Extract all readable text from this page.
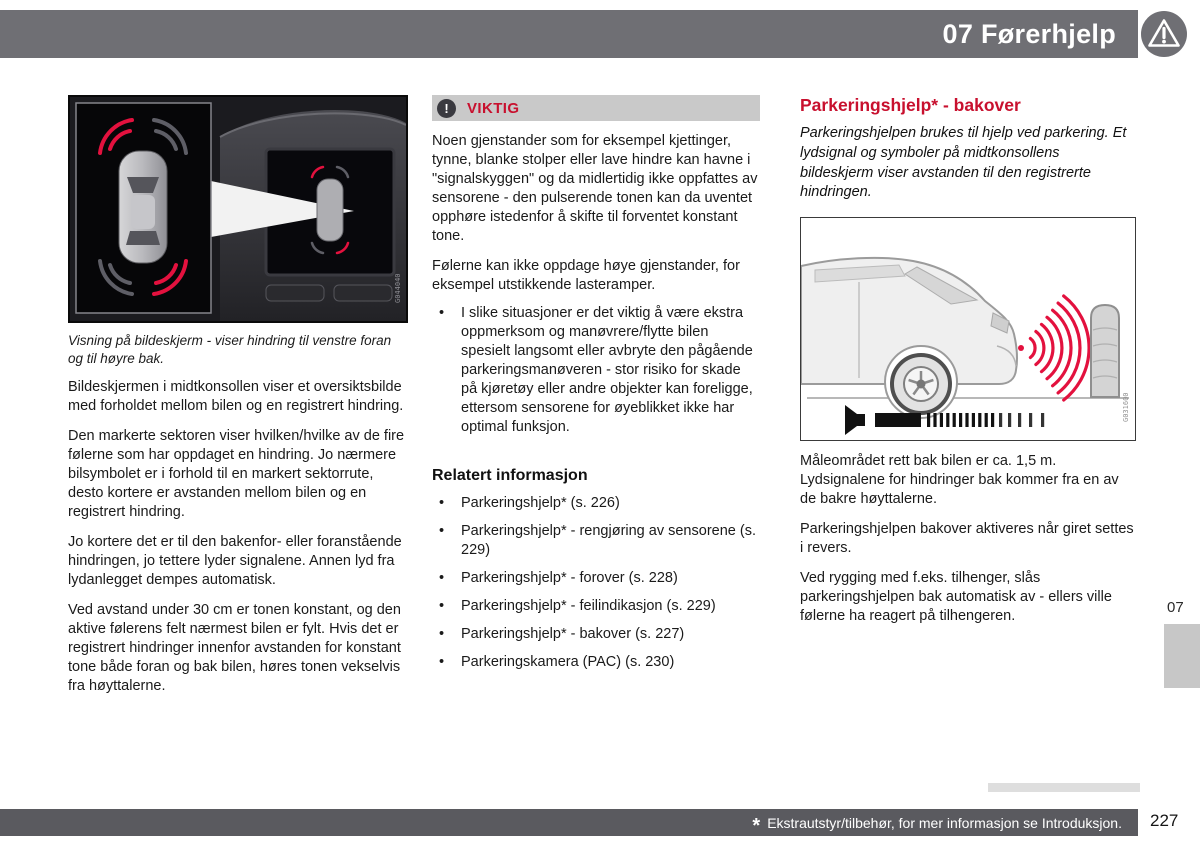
07 Førerhjelp
G044040

Visning på bildeskjerm - viser hindring til venstre foran og til høyre bak.

Bildeskjermen i midtkonsollen viser et oversiktsbilde med forholdet mellom bilen og en registrert hindring.

Den markerte sektoren viser hvilken/hvilke av de fire følerne som har oppdaget en hindring. Jo nærmere bilsymbolet er i forhold til en markert sektorrute, desto kortere er avstanden mellom bilen og en registrert hindring.

Jo kortere det er til den bakenfor- eller foranstående hindringen, jo tettere lyder signalene. Annen lyd fra lydanlegget dempes automatisk.

Ved avstand under 30 cm er tonen konstant, og den aktive følerens felt nærmest bilen er fylt. Hvis det er registrert hindringer innenfor avstanden for konstant tone både foran og bak bilen, høres tonen vekselvis fra høyttalerne.

!	VIKTIG

Noen gjenstander som for eksempel kjettinger, tynne, blanke stolper eller lave hindre kan havne i "signalskyggen" og da midlertidig ikke oppfattes av sensorene - den pulserende tonen kan da uventet opphøre istedenfor å skifte til forventet konstant tone.

Følerne kan ikke oppdage høye gjenstander, for eksempel utstikkende lasteramper.

• I slike situasjoner er det viktig å være ekstra oppmerksom og manøvrere/flytte bilen spesielt langsomt eller avbryte den pågående parkeringsmanøveren - stor risiko for skade på kjøretøy eller andre objekter kan foreligge, ettersom sensorene for øyeblikket ikke har optimal funksjon.
Relatert informasjon
• Parkeringshjelp* (s. 226)
• Parkeringshjelp* - rengjøring av sensorene (s. 229)
• Parkeringshjelp* - forover (s. 228)
• Parkeringshjelp* - feilindikasjon (s. 229)
• Parkeringshjelp* - bakover (s. 227)
• Parkeringskamera (PAC) (s. 230)
Parkeringshjelp* - bakover

Parkeringshjelpen brukes til hjelp ved parkering. Et lydsignal og symboler på midtkonsollens bildeskjerm viser avstanden til den registrerte hindringen.

G031600

Måleområdet rett bak bilen er ca. 1,5 m. Lydsignalene for hindringer bak kommer fra en av de bakre høyttalerne.

Parkeringshjelpen bakover aktiveres når giret settes i revers.

Ved rygging med f.eks. tilhenger, slås parkeringshjelpen bak automatisk av - ellers ville følerne ha reagert på tilhengeren.	07
* Ekstrautstyr/tilbehør, for mer informasjon se Introduksjon. 227
